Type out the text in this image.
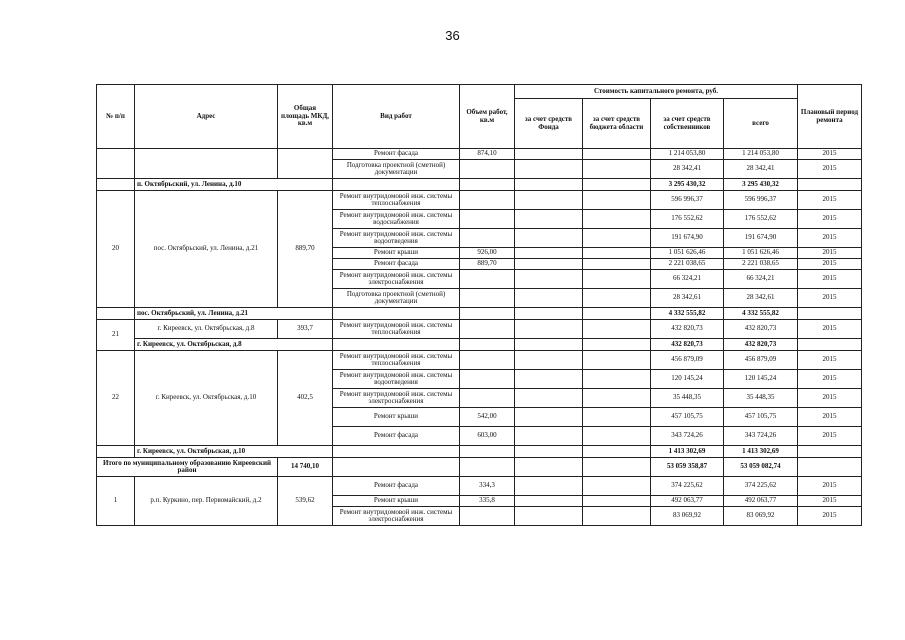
36
№ п/п	Адрес	Общая площадь МКД, кв.м	Вид работ	Объем работ, кв.м	Стоимость капитального ремонта, руб.				Плановый период ремонта
					за счет средств Фонда	за счет средств бюджета области	за счет средств собственников	всего	
			Ремонт фасада	874,10			1 214 053,80	1 214 053,80	2015
			Подготовка проектной (сметной) документации				28 342,41	28 342,41	2015
	п. Октябрьский, ул. Ленина, д.10						3 295 430,32	3 295 430,32	
20	пос. Октябрьский, ул. Ленина, д.21	889,70	Ремонт внутридомовой инж. системы теплоснабжения				596 996,37	596 996,37	2015
			Ремонт внутридомовой инж. системы водоснабжения				176 552,62	176 552,62	2015
			Ремонт внутридомовой инж. системы водоотведения				191 674,90	191 674,90	2015
			Ремонт крыши	926,00			1 051 626,46	1 051 626,46	2015
			Ремонт фасада	889,70			2 221 038,65	2 221 038,65	2015
			Ремонт внутридомовой инж. системы электроснабжения				66 324,21	66 324,21	2015
			Подготовка проектной (сметной) документации				28 342,61	28 342,61	2015
	пос. Октябрьский, ул. Ленина, д.21						4 332 555,82	4 332 555,82	
21	г. Киреевск, ул. Октябрьская, д.8	393,7	Ремонт внутридомовой инж. системы теплоснабжения				432 820,73	432 820,73	2015
	г. Киреевск, ул. Октябрьская, д.8						432 820,73	432 820,73	
22	г. Киреевск, ул. Октябрьская, д.10	402,5	Ремонт внутридомовой инж. системы теплоснабжения				456 879,09	456 879,09	2015
			Ремонт внутридомовой инж. системы водоотведения				120 145,24	120 145,24	2015
			Ремонт внутридомовой инж. системы электроснабжения				35 448,35	35 448,35	2015
			Ремонт крыши	542,00			457 105,75	457 105,75	2015
			Ремонт фасада	603,00			343 724,26	343 724,26	2015
	г. Киреевск, ул. Октябрьская, д.10						1 413 302,69	1 413 302,69	
Итого по муниципальному образованию Киреевский район		14 740,10					53 059 358,87	53 059 082,74	
1	р.п. Куркино, пер. Первомайский, д.2	539,62	Ремонт фасада	334,3			374 225,62	374 225,62	2015
			Ремонт крыши	335,8			492 063,77	492 063,77	2015
			Ремонт внутридомовой инж. системы электроснабжения				83 069,92	83 069,92	2015
